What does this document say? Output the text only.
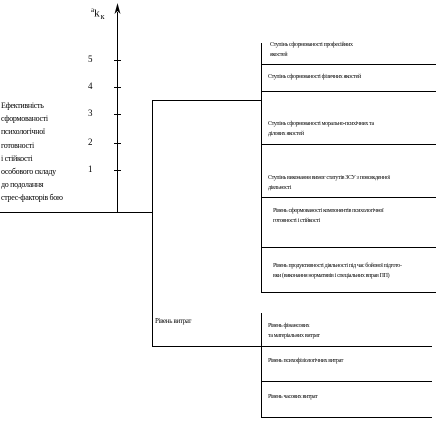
$^ak_к$
5
4
3
2
1
Ефективність
сформованості
психологічної
готовності
і стійкості
особового складу
до подолання
стрес-факторів бою
Рівень витрат
Ступінь сформованості професійних
якостей
Ступінь сформованості фізичних якостей
Ступінь сформованості морально-психічних та
ділових якостей
Ступінь виконання вимог статутів ЗСУ з повсякденної
діяльності
Рівень сформованості компонентів психологічної
готовності і стійкості
Рівень продуктивності діяльності під час бойової підгото-
вки (виконання нормативів і спеціальних вправ ПП)
Рівень фінансових
та матеріальних витрат
Рівень психофізіологічних витрат
Рівень часових витрат
